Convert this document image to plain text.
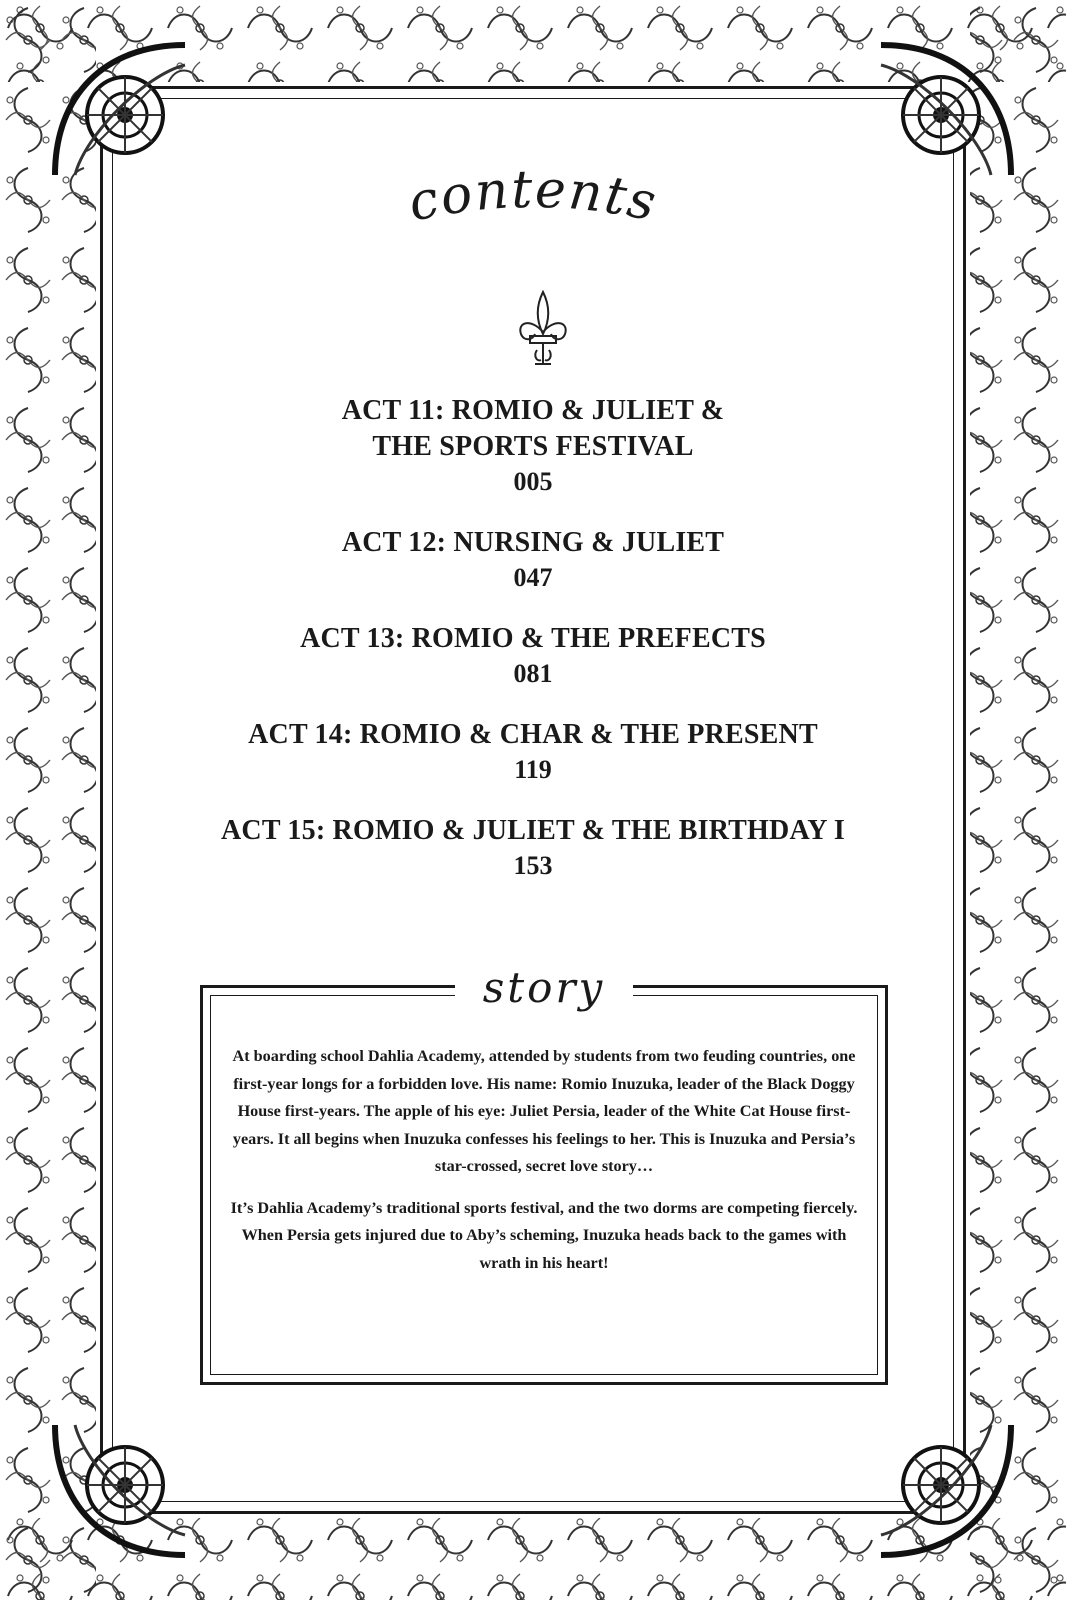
contents
ACT 11: ROMIO & JULIET &
THE SPORTS FESTIVAL
005
ACT 12: NURSING & JULIET
047
ACT 13: ROMIO & THE PREFECTS
081
ACT 14: ROMIO & CHAR & THE PRESENT
119
ACT 15: ROMIO & JULIET & THE BIRTHDAY I
153
story

At boarding school Dahlia Academy, attended by students from two feuding countries, one first-year longs for a forbidden love. His name: Romio Inuzuka, leader of the Black Doggy House first-years. The apple of his eye: Juliet Persia, leader of the White Cat House first-years. It all begins when Inuzuka confesses his feelings to her. This is Inuzuka and Persia’s star-crossed, secret love story…

It’s Dahlia Academy’s traditional sports festival, and the two dorms are competing fiercely. When Persia gets injured due to Aby’s scheming, Inuzuka heads back to the games with wrath in his heart!
